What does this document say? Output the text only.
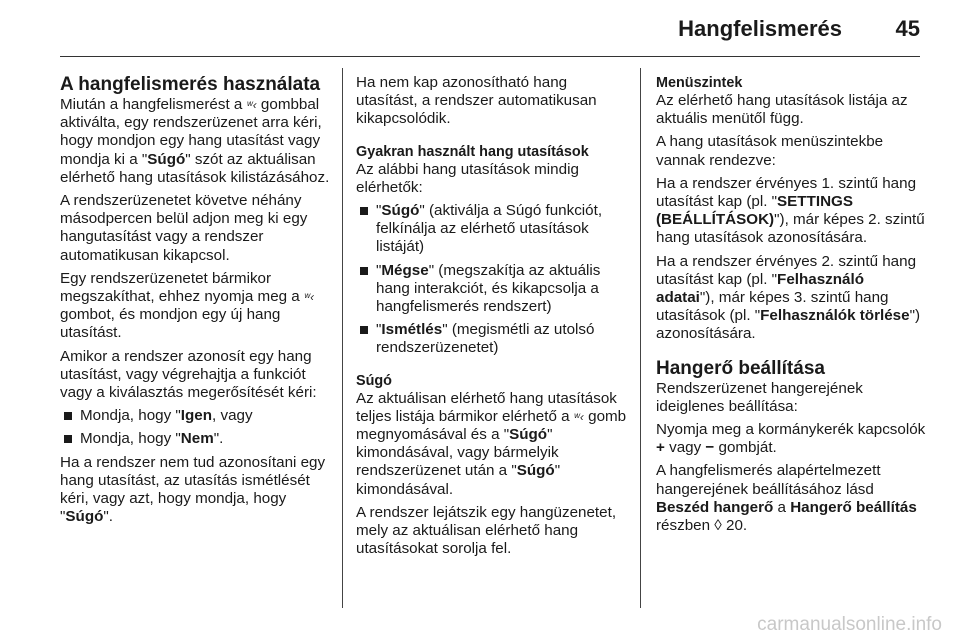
Hangfelismerés 45
A hangfelismerés használata

Miután a hangfelismerést a ʷ‹ gombbal aktiválta, egy rendszerüzenet arra kéri, hogy mondjon egy hang utasítást vagy mondja ki a "Súgó" szót az aktuálisan elérhető hang utasítások kilistázásához.

A rendszerüzenetet követve néhány másodpercen belül adjon meg ki egy hangutasítást vagy a rendszer automatikusan kikapcsol.

Egy rendszerüzenetet bármikor megszakíthat, ehhez nyomja meg a ʷ‹ gombot, és mondjon egy új hang utasítást.

Amikor a rendszer azonosít egy hang utasítást, vagy végrehajtja a funkciót vagy a kiválasztás megerősítését kéri:

Mondja, hogy "Igen, vagy
Mondja, hogy "Nem".

Ha a rendszer nem tud azonosítani egy hang utasítást, az utasítás ismétlését kéri, vagy azt, hogy mondja, hogy "Súgó".

Ha nem kap azonosítható hang utasítást, a rendszer automatikusan kikapcsolódik.

Gyakran használt hang utasítások

Az alábbi hang utasítások mindig elérhetők:

"Súgó" (aktiválja a Súgó funkciót, felkínálja az elérhető utasítások listáját)
"Mégse" (megszakítja az aktuális hang interakciót, és kikapcsolja a hangfelismerés rendszert)
"Ismétlés" (megismétli az utolsó rendszerüzenetet)
Súgó

Az aktuálisan elérhető hang utasítások teljes listája bármikor elérhető a ʷ‹ gomb megnyomásával és a "Súgó" kimondásával, vagy bármelyik rendszerüzenet után a "Súgó" kimondásával.

A rendszer lejátszik egy hangüzenetet, mely az aktuálisan elérhető hang utasításokat sorolja fel.

Menüszintek

Az elérhető hang utasítások listája az aktuális menütől függ.

A hang utasítások menüszintekbe vannak rendezve:

Ha a rendszer érvényes 1. szintű hang utasítást kap (pl. "SETTINGS (BEÁLLÍTÁSOK)"), már képes 2. szintű hang utasítások azonosítására.

Ha a rendszer érvényes 2. szintű hang utasítást kap (pl. "Felhasználó adatai"), már képes 3. szintű hang utasítások (pl. "Felhasználók törlése") azonosítására.

Hangerő beállítása

Rendszerüzenet hangerejének ideiglenes beállítása:

Nyomja meg a kormánykerék kapcsolók + vagy − gombját.

A hangfelismerés alapértelmezett hangerejének beállításához lásd Beszéd hangerő a Hangerő beállítás részben ◊ 20.

carmanualsonline.info
